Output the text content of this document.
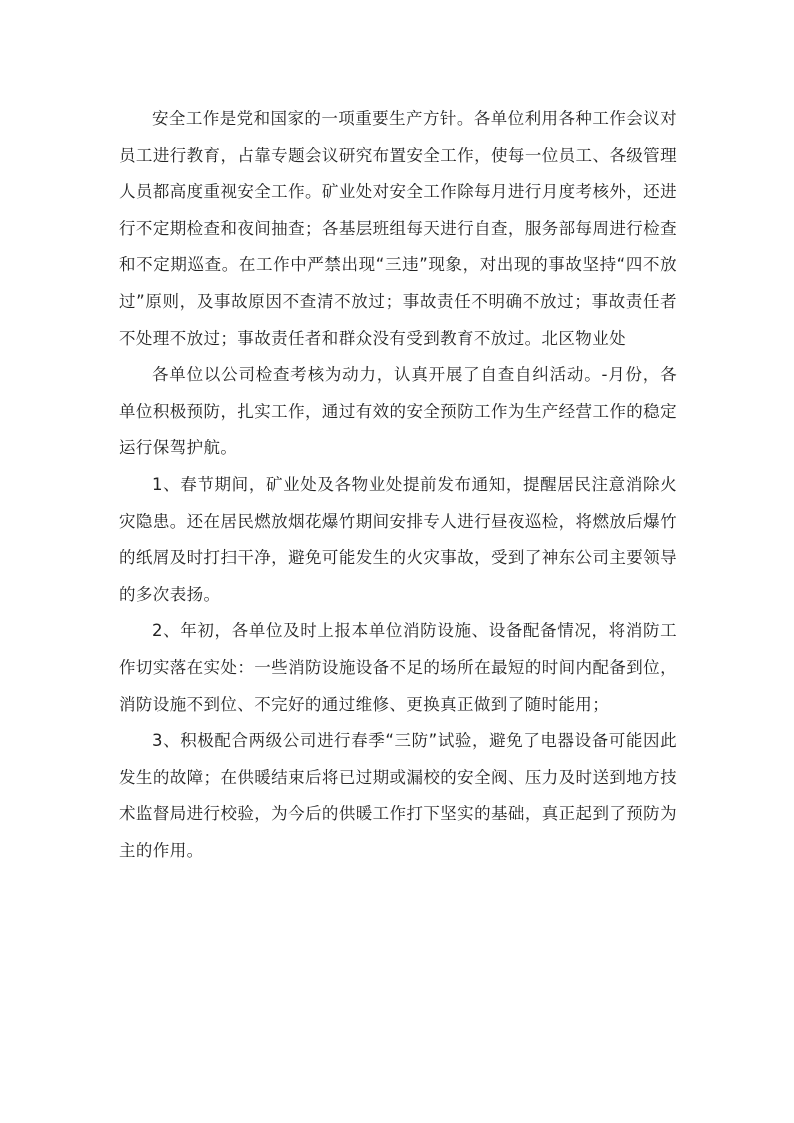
安全工作是党和国家的一项重要生产方针。各单位利用各种工作会议对员工进行教育，占靠专题会议研究布置安全工作，使每一位员工、各级管理人员都高度重视安全工作。矿业处对安全工作除每月进行月度考核外，还进行不定期检查和夜间抽查；各基层班组每天进行自查，服务部每周进行检查和不定期巡查。在工作中严禁出现“三违”现象，对出现的事故坚持“四不放过”原则，及事故原因不查清不放过；事故责任不明确不放过；事故责任者不处理不放过；事故责任者和群众没有受到教育不放过。北区物业处

各单位以公司检查考核为动力，认真开展了自查自纠活动。-月份，各单位积极预防，扎实工作，通过有效的安全预防工作为生产经营工作的稳定运行保驾护航。

1、春节期间，矿业处及各物业处提前发布通知，提醒居民注意消除火灾隐患。还在居民燃放烟花爆竹期间安排专人进行昼夜巡检，将燃放后爆竹的纸屑及时打扫干净，避免可能发生的火灾事故，受到了神东公司主要领导的多次表扬。

2、年初，各单位及时上报本单位消防设施、设备配备情况，将消防工作切实落在实处：一些消防设施设备不足的场所在最短的时间内配备到位，消防设施不到位、不完好的通过维修、更换真正做到了随时能用；

3、积极配合两级公司进行春季“三防”试验，避免了电器设备可能因此发生的故障；在供暖结束后将已过期或漏校的安全阀、压力及时送到地方技术监督局进行校验，为今后的供暖工作打下坚实的基础，真正起到了预防为主的作用。
